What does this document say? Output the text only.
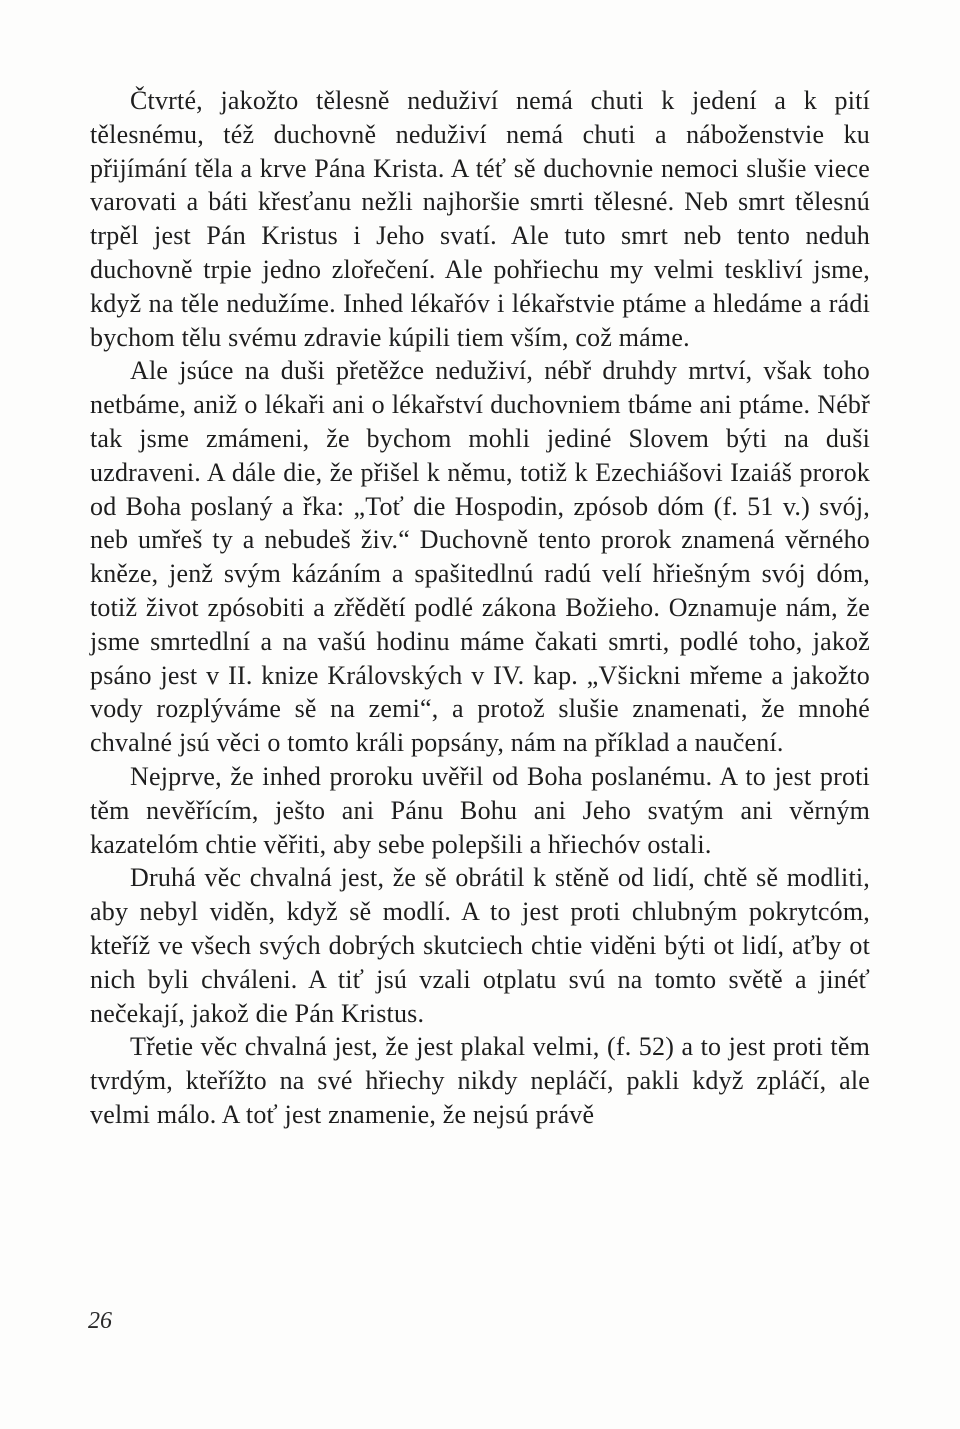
Čtvrté, jakožto tělesně neduživí nemá chuti k jedení a k pití tělesnému, též duchovně neduživí nemá chuti a náboženstvie ku přijímání těla a krve Pána Krista. A téť sě duchovnie nemoci slušie viece varovati a báti křesťanu nežli najhoršie smrti tělesné. Neb smrt tělesnú trpěl jest Pán Kristus i Jeho svatí. Ale tuto smrt neb tento neduh duchovně trpie jedno zlořečení. Ale pohřiechu my velmi teskliví jsme, když na těle nedužíme. Inhed lékařóv i lékařstvie ptáme a hledáme a rádi bychom tělu svému zdravie kúpili tiem vším, což máme.

Ale jsúce na duši přetěžce neduživí, nébř druhdy mrtví, však toho netbáme, aniž o lékaři ani o lékařství duchovniem tbáme ani ptáme. Nébř tak jsme zmámeni, že bychom mohli jediné Slovem býti na duši uzdraveni. A dále die, že přišel k němu, totiž k Ezechiášovi Izaiáš prorok od Boha poslaný a řka: „Toť die Hospodin, zpósob dóm (f. 51 v.) svój, neb umřeš ty a nebudeš živ.“ Duchovně tento prorok znamená věrného kněze, jenž svým kázáním a spašitedlnú radú velí hřiešným svój dóm, totiž život zpósobiti a zřědětí podlé zákona Božieho. Oznamuje nám, že jsme smrtedlní a na vašú hodinu máme čakati smrti, podlé toho, jakož psáno jest v II. knize Královských v IV. kap. „Všickni mřeme a jakožto vody rozplýváme sě na zemi“, a protož slušie znamenati, že mnohé chvalné jsú věci o tomto králi popsány, nám na příklad a naučení.

Nejprve, že inhed proroku uvěřil od Boha poslanému. A to jest proti těm nevěřícím, ješto ani Pánu Bohu ani Jeho svatým ani věrným kazatelóm chtie věřiti, aby sebe polepšili a hřiechóv ostali.

Druhá věc chvalná jest, že sě obrátil k stěně od lidí, chtě sě modliti, aby nebyl viděn, když sě modlí. A to jest proti chlubným pokrytcóm, kteříž ve všech svých dobrých skutciech chtie viděni býti ot lidí, aťby ot nich byli chváleni. A tiť jsú vzali otplatu svú na tomto světě a jinéť nečekají, jakož die Pán Kristus.

Třetie věc chvalná jest, že jest plakal velmi, (f. 52) a to jest proti těm tvrdým, kteřížto na své hřiechy nikdy nepláčí, pakli když zpláčí, ale velmi málo. A toť jest znamenie, že nejsú právě

26
